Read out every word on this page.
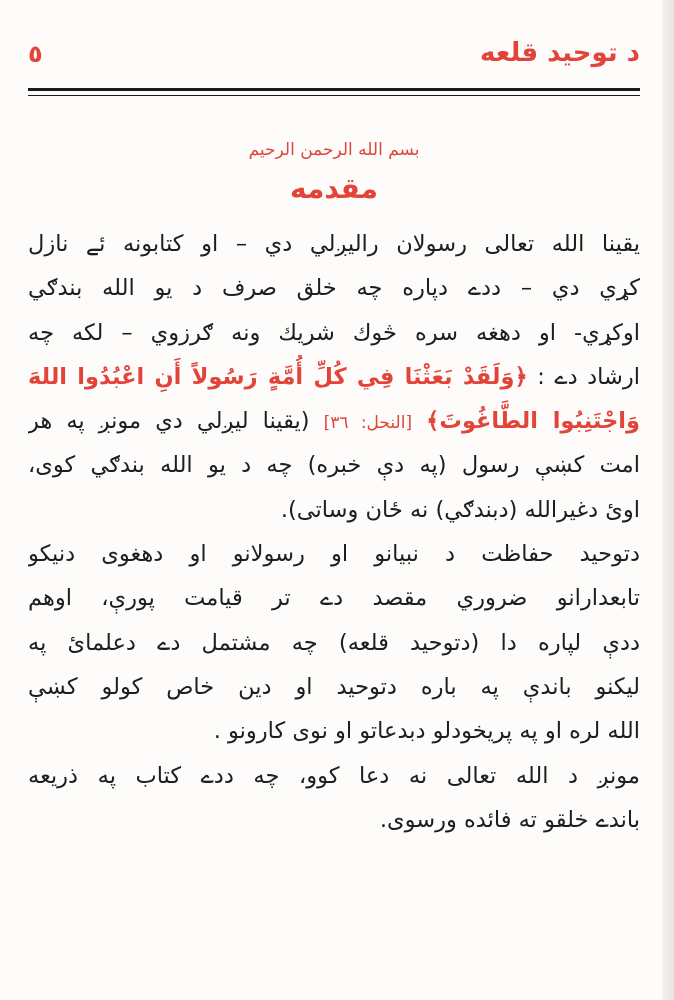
د توحيد قلعه
٥
بسم الله الرحمن الرحيم
مقدمه
يقينا الله تعالى رسولان راليږلي دي – او كتابونه ئے نازل
كړي دي – ددے دپاره چه خلق صرف د يو الله بندګي
اوكړي- او دهغه سره څوك شريك ونه ګرزوي – لكه چه
ارشاد دے : ﴿وَلَقَدْ بَعَثْنَا فِي كُلِّ أُمَّةٍ رَسُولاً أَنِ اعْبُدُوا اللهَ
وَاجْتَنِبُوا الطَّاغُوتَ﴾ [النحل: ٣٦] (يقينا ليږلي دي مونږ په هر
امت كښې رسول (په دې خبره) چه د يو الله بندګي كوی،
اوﺉ دغيرالله (دبندګي) نه ځان وساتی).
دتوحيد حفاظت د نبيانو او رسولانو او دهغوی دنيكو
تابعدارانو ضروري مقصد دے تر قيامت پورې، اوهم
ددې لپاره دا (دتوحيد قلعه) چه مشتمل دے دعلماﺉ په
ليكنو باندې په باره دتوحيد او دين خاص كولو كښې
الله لره او په پريخودلو دبدعاتو او نوی كارونو .
مونږ د الله تعالى نه دعا كوو، چه ددے كتاب په ذريعه
باندے خلقو ته فائده ورسوی.
